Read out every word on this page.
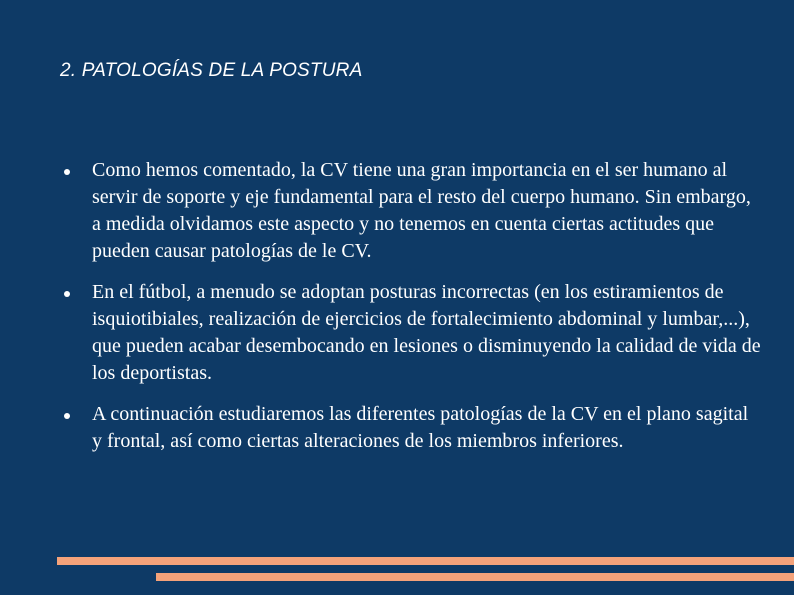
2. PATOLOGÍAS DE LA POSTURA
Como hemos comentado, la CV tiene una gran importancia en el ser humano al servir de soporte y eje fundamental para el resto del cuerpo humano. Sin embargo, a medida olvidamos este aspecto y no tenemos en cuenta ciertas actitudes que pueden causar patologías de le CV.
En el fútbol, a menudo se adoptan posturas incorrectas (en los estiramientos de isquiotibiales, realización de ejercicios de fortalecimiento abdominal y lumbar,...), que pueden acabar desembocando en lesiones o disminuyendo la calidad de vida de los deportistas.
A continuación estudiaremos las diferentes patologías de la CV en el plano sagital y frontal, así como ciertas alteraciones de los miembros inferiores.
